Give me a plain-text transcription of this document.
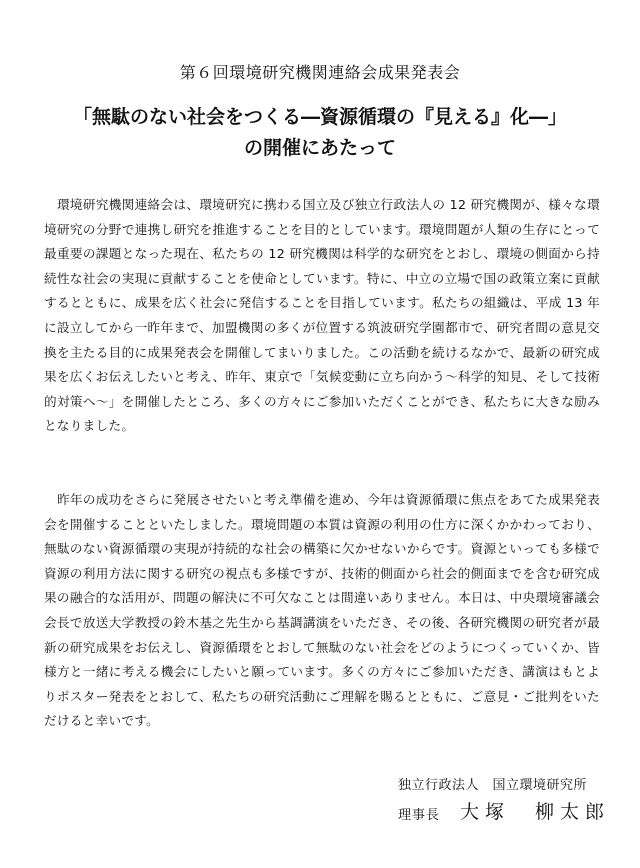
第６回環境研究機関連絡会成果発表会
「無駄のない社会をつくる―資源循環の『見える』化―」
の開催にあたって

　環境研究機関連絡会は、環境研究に携わる国立及び独立行政法人の 12 研究機関が、様々な環境研究の分野で連携し研究を推進することを目的としています。環境問題が人類の生存にとって最重要の課題となった現在、私たちの 12 研究機関は科学的な研究をとおし、環境の側面から持続性な社会の実現に貢献することを使命としています。特に、中立の立場で国の政策立案に貢献するとともに、成果を広く社会に発信することを目指しています。私たちの組織は、平成 13 年に設立してから一昨年まで、加盟機関の多くが位置する筑波研究学園都市で、研究者間の意見交換を主たる目的に成果発表会を開催してまいりました。この活動を続けるなかで、最新の研究成果を広くお伝えしたいと考え、昨年、東京で「気候変動に立ち向かう～科学的知見、そして技術的対策へ～」を開催したところ、多くの方々にご参加いただくことができ、私たちに大きな励みとなりました。

　昨年の成功をさらに発展させたいと考え準備を進め、今年は資源循環に焦点をあてた成果発表会を開催することといたしました。環境問題の本質は資源の利用の仕方に深くかかわっており、無駄のない資源循環の実現が持続的な社会の構築に欠かせないからです。資源といっても多様で資源の利用方法に関する研究の視点も多様ですが、技術的側面から社会的側面までを含む研究成果の融合的な活用が、問題の解決に不可欠なことは間違いありません。本日は、中央環境審議会会長で放送大学教授の鈴木基之先生から基調講演をいただき、その後、各研究機関の研究者が最新の研究成果をお伝えし、資源循環をとおして無駄のない社会をどのようにつくっていくか、皆様方と一緒に考える機会にしたいと願っています。多くの方々にご参加いただき、講演はもとよりポスター発表をとおして、私たちの研究活動にご理解を賜るとともに、ご意見・ご批判をいただけると幸いです。

独立行政法人　国立環境研究所
理事長 大塚　柳太郎
